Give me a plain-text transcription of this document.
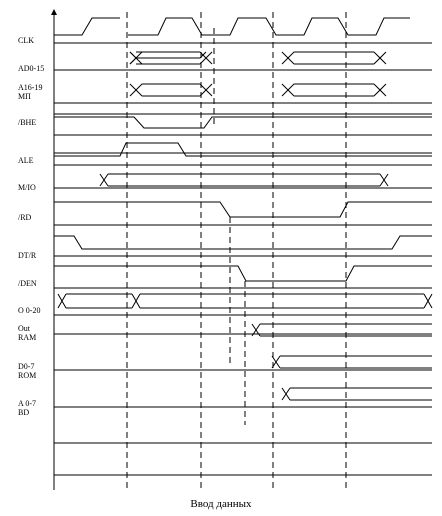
CLK
AD0-15
A16-19
МП
/BHE
ALE
M/IO
/RD
DT/R
/DEN
O 0-20
Out
RAM
D0-7
ROM
A 0-7
BD
Ввод данных
